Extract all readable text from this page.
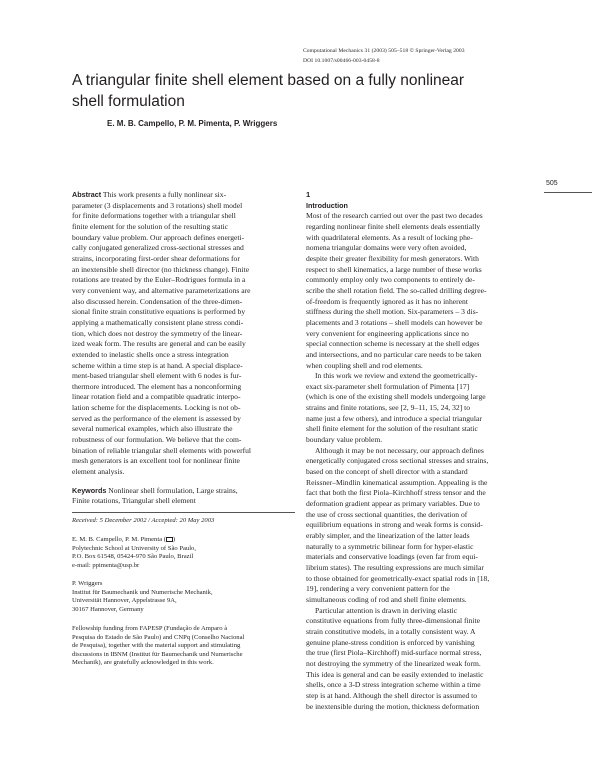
Computational Mechanics 31 (2003) 505–518 © Springer-Verlag 2003
DOI 10.1007/s00466-003-0458-8
A triangular finite shell element based on a fully nonlinear
shell formulation
E. M. B. Campello, P. M. Pimenta, P. Wriggers
505
Abstract This work presents a fully nonlinear six-
parameter (3 displacements and 3 rotations) shell model
for finite deformations together with a triangular shell
finite element for the solution of the resulting static
boundary value problem. Our approach defines energeti-
cally conjugated generalized cross-sectional stresses and
strains, incorporating first-order shear deformations for
an inextensible shell director (no thickness change). Finite
rotations are treated by the Euler–Rodrigues formula in a
very convenient way, and alternative parameterizations are
also discussed herein. Condensation of the three-dimen-
sional finite strain constitutive equations is performed by
applying a mathematically consistent plane stress condi-
tion, which does not destroy the symmetry of the linear-
ized weak form. The results are general and can be easily
extended to inelastic shells once a stress integration
scheme within a time step is at hand. A special displace-
ment-based triangular shell element with 6 nodes is fur-
thermore introduced. The element has a nonconforming
linear rotation field and a compatible quadratic interpo-
lation scheme for the displacements. Locking is not ob-
served as the performance of the element is assessed by
several numerical examples, which also illustrate the
robustness of our formulation. We believe that the com-
bination of reliable triangular shell elements with powerful
mesh generators is an excellent tool for nonlinear finite
element analysis.
Keywords Nonlinear shell formulation, Large strains,
Finite rotations, Triangular shell element
Received: 5 December 2002 / Accepted: 20 May 2003
E. M. B. Campello, P. M. Pimenta ( )
Polytechnic School at University of São Paulo,
P.O. Box 61548, 05424-970 São Paulo, Brazil
e-mail: ppimenta@usp.br
P. Wriggers
Institut für Baumechanik und Numerische Mechanik,
Universität Hannover, Appelstrasse 9A,
30167 Hannover, Germany
Fellowship funding from FAPESP (Fundação de Amparo à
Pesquisa do Estado de São Paulo) and CNPq (Conselho Nacional
de Pesquisa), together with the material support and stimulating
discussions in IBNM (Institut für Baumechanik und Numerische
Mechanik), are gratefully acknowledged in this work.
1
Introduction
Most of the research carried out over the past two decades
regarding nonlinear finite shell elements deals essentially
with quadrilateral elements. As a result of locking phe-
nomena triangular domains were very often avoided,
despite their greater flexibility for mesh generators. With
respect to shell kinematics, a large number of these works
commonly employ only two components to entirely de-
scribe the shell rotation field. The so-called drilling degree-
of-freedom is frequently ignored as it has no inherent
stiffness during the shell motion. Six-parameters – 3 dis-
placements and 3 rotations – shell models can however be
very convenient for engineering applications since no
special connection scheme is necessary at the shell edges
and intersections, and no particular care needs to be taken
when coupling shell and rod elements.
In this work we review and extend the geometrically-
exact six-parameter shell formulation of Pimenta [17]
(which is one of the existing shell models undergoing large
strains and finite rotations, see [2, 9–11, 15, 24, 32] to
name just a few others), and introduce a special triangular
shell finite element for the solution of the resultant static
boundary value problem.
Although it may be not necessary, our approach defines
energetically conjugated cross sectional stresses and strains,
based on the concept of shell director with a standard
Reissner–Mindlin kinematical assumption. Appealing is the
fact that both the first Piola–Kirchhoff stress tensor and the
deformation gradient appear as primary variables. Due to
the use of cross sectional quantities, the derivation of
equilibrium equations in strong and weak forms is consid-
erably simpler, and the linearization of the latter leads
naturally to a symmetric bilinear form for hyper-elastic
materials and conservative loadings (even far from equi-
librium states). The resulting expressions are much similar
to those obtained for geometrically-exact spatial rods in [18,
19], rendering a very convenient pattern for the
simultaneous coding of rod and shell finite elements.
Particular attention is drawn in deriving elastic
constitutive equations from fully three-dimensional finite
strain constitutive models, in a totally consistent way. A
genuine plane-stress condition is enforced by vanishing
the true (first Piola–Kirchhoff) mid-surface normal stress,
not destroying the symmetry of the linearized weak form.
This idea is general and can be easily extended to inelastic
shells, once a 3-D stress integration scheme within a time
step is at hand. Although the shell director is assumed to
be inextensible during the motion, thickness deformation
